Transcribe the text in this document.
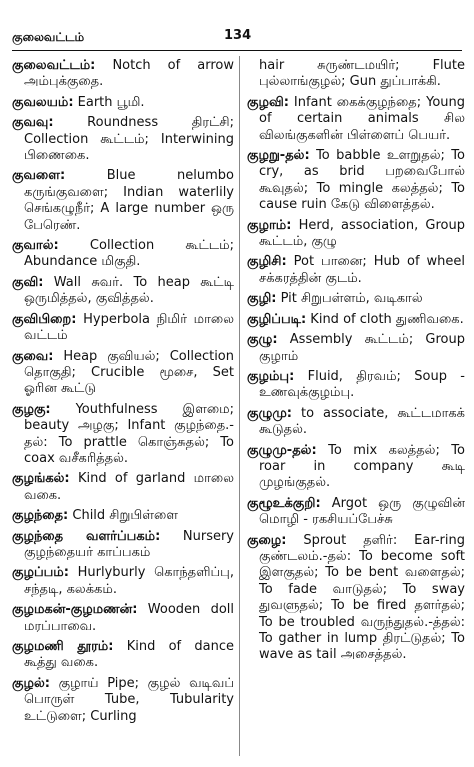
குலைவட்டம்	134

குலைவட்டம்: Notch of arrow அம்புக்குதை.

குவலயம்: Earth பூமி.

குவவு: Roundness திரட்சி; Collection கூட்டம்; Interwining பிணைகை.

குவளை: Blue nelumbo கருங்குவளை; Indian waterlily செங்கழுநீர்; A large number ஒரு பேரெண்.

குவால்: Collection கூட்டம்; Abundance மிகுதி.

குவி: Wall சுவர். To heap கூட்டி ஒருமித்தல், குவித்தல்.

குவிபிறை: Hyperbola நிமிர் மாலை வட்டம்

குவை: Heap குவியல்; Collection தொகுதி; Crucible மூசை, Set ஓரின கூட்டு

குழகு: Youthfulness இளமை; beauty அழகு; Infant குழந்தை.-தல்: To prattle கொஞ்சுதல்; To coax வசீகரித்தல்.

குழங்கல்: Kind of garland மாலை வகை.

குழந்தை: Child சிறுபிள்ளை

குழந்தை வளர்ப்பகம்: Nursery குழந்தையர் காப்பகம்

குழப்பம்: Hurlyburly கொந்தளிப்பு, சந்தடி, கலக்கம்.

குழமகன்-குழமணன்: Wooden doll மரப்பாவை.

குழமணி தூரம்: Kind of dance கூத்து வகை.

குழல்: குழாய் Pipe; குழல் வடிவப் பொருள் Tube, Tubularity உட்டுளை; Curling

hair சுருண்டமயிர்; Flute புல்லாங்குழல்; Gun துப்பாக்கி.

குழவி: Infant கைக்குழந்தை; Young of certain animals சில விலங்குகளின் பிள்ளைப் பெயர்.

குழறு-தல்: To babble உளறுதல்; To cry, as brid பறவைபோல் கூவுதல்; To mingle கலத்தல்; To cause ruin கேடு விளைத்தல்.

குழாம்: Herd, association, Group கூட்டம், குழு

குழிசி: Pot பானை; Hub of wheel சக்கரத்தின் குடம்.

குழி: Pit சிறுபள்ளம், வடிகால்

குழிப்படி: Kind of cloth துணிவகை.

குழு: Assembly கூட்டம்; Group குழாம்

குழம்பு: Fluid, திரவம்; Soup - உணவுக்குழம்பு.

குழுமு: to associate, கூட்டமாகக் கூடுதல்.

குழுமு-தல்: To mix கலத்தல்; To roar in company கூடி முழங்குதல்.

குழூஉக்குறி: Argot ஒரு குழுவின் மொழி - ரகசியப்பேச்சு

குழை: Sprout தளிர்: Ear-ring குண்டலம்.-தல்: To become soft இளகுதல்; To be bent வளைதல்; To fade வாடுதல்; To sway துவளுதல்; To be fired தளர்தல்; To be troubled வருந்துதல்.-த்தல்: To gather in lump திரட்டுதல்; To wave as tail அசைத்தல்.
